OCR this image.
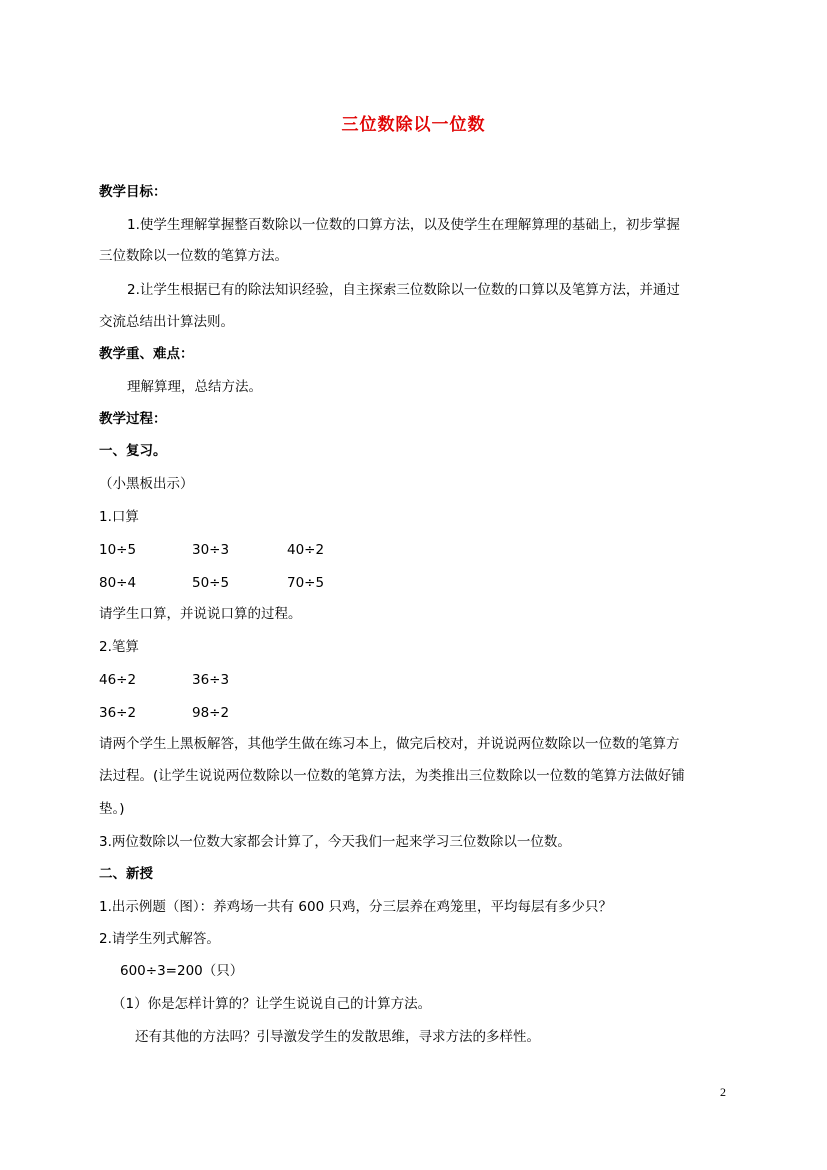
三位数除以一位数
教学目标：
1.使学生理解掌握整百数除以一位数的口算方法，以及使学生在理解算理的基础上，初步掌握
三位数除以一位数的笔算方法。
2.让学生根据已有的除法知识经验，自主探索三位数除以一位数的口算以及笔算方法，并通过
交流总结出计算法则。
教学重、难点：
理解算理，总结方法。
教学过程：
一、复习。
（小黑板出示）
1.口算
10÷5	30÷3	40÷2
80÷4	50÷5	70÷5
请学生口算，并说说口算的过程。
2.笔算
46÷2	36÷3
36÷2	98÷2
请两个学生上黑板解答，其他学生做在练习本上，做完后校对，并说说两位数除以一位数的笔算方
法过程。(让学生说说两位数除以一位数的笔算方法，为类推出三位数除以一位数的笔算方法做好铺
垫。)
3.两位数除以一位数大家都会计算了，今天我们一起来学习三位数除以一位数。
二、新授
1.出示例题（图）：养鸡场一共有 600 只鸡，分三层养在鸡笼里，平均每层有多少只？
2.请学生列式解答。
600÷3=200（只）
（1）你是怎样计算的？让学生说说自己的计算方法。
还有其他的方法吗？引导激发学生的发散思维，寻求方法的多样性。
2
